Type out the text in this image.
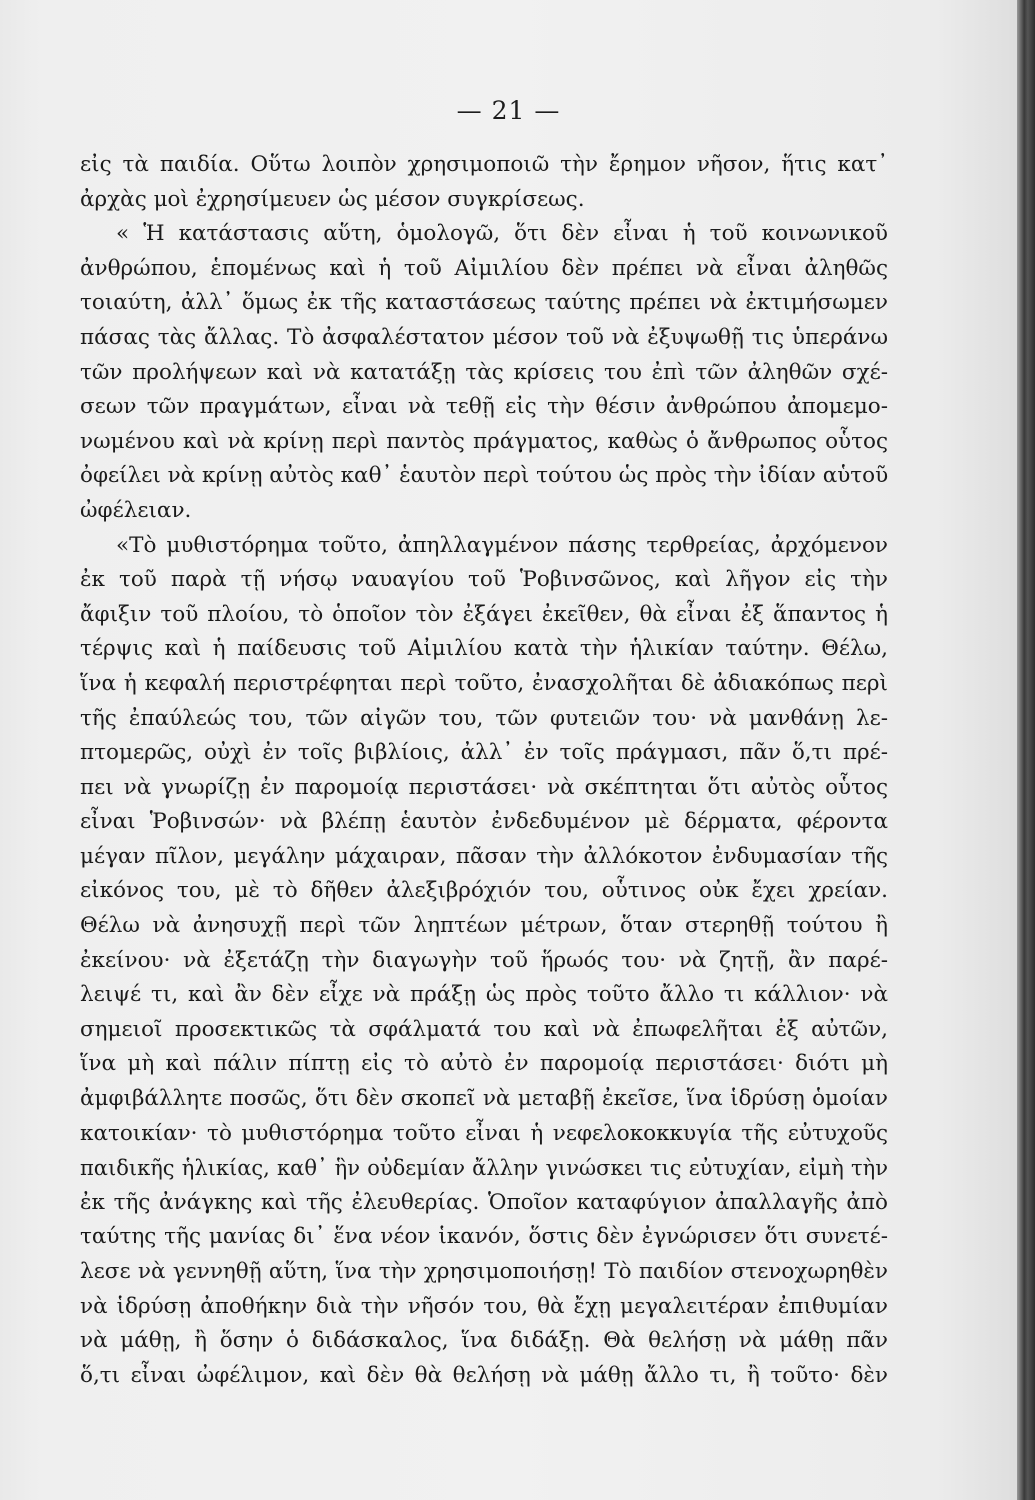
— 21 —
εἰς τὰ παιδία. Οὕτω λοιπὸν χρησιμοποιῶ τὴν ἔρημον νῆσον, ἥτις κατ᾽
ἀρχὰς μοὶ ἐχρησίμευεν ὡς μέσον συγκρίσεως.
« Ἡ κατάστασις αὕτη, ὁμολογῶ, ὅτι δὲν εἶναι ἡ τοῦ κοινωνικοῦ
ἀνθρώπου, ἑπομένως καὶ ἡ τοῦ Αἰμιλίου δὲν πρέπει νὰ εἶναι ἀληθῶς
τοιαύτη, ἀλλ᾽ ὅμως ἐκ τῆς καταστάσεως ταύτης πρέπει νὰ ἐκτιμήσωμεν
πάσας τὰς ἄλλας. Τὸ ἀσφαλέστατον μέσον τοῦ νὰ ἐξυψωθῇ τις ὑπεράνω
τῶν προλήψεων καὶ νὰ κατατάξῃ τὰς κρίσεις του ἐπὶ τῶν ἀληθῶν σχέ-
σεων τῶν πραγμάτων, εἶναι νὰ τεθῇ εἰς τὴν θέσιν ἀνθρώπου ἀπομεμο-
νωμένου καὶ νὰ κρίνῃ περὶ παντὸς πράγματος, καθὼς ὁ ἄνθρωπος οὗτος
ὀφείλει νὰ κρίνῃ αὐτὸς καθ᾽ ἑαυτὸν περὶ τούτου ὡς πρὸς τὴν ἰδίαν αὑτοῦ
ὠφέλειαν.
«Τὸ μυθιστόρημα τοῦτο, ἀπηλλαγμένον πάσης τερθρείας, ἀρχόμενον
ἐκ τοῦ παρὰ τῇ νήσῳ ναυαγίου τοῦ Ῥοβινσῶνος, καὶ λῆγον εἰς τὴν
ἄφιξιν τοῦ πλοίου, τὸ ὁποῖον τὸν ἐξάγει ἐκεῖθεν, θὰ εἶναι ἐξ ἅπαντος ἡ
τέρψις καὶ ἡ παίδευσις τοῦ Αἰμιλίου κατὰ τὴν ἡλικίαν ταύτην. Θέλω,
ἵνα ἡ κεφαλή περιστρέφηται περὶ τοῦτο, ἐνασχολῆται δὲ ἀδιακόπως περὶ
τῆς ἐπαύλεώς του, τῶν αἰγῶν του, τῶν φυτειῶν του· νὰ μανθάνῃ λε-
πτομερῶς, οὐχὶ ἐν τοῖς βιβλίοις, ἀλλ᾽ ἐν τοῖς πράγμασι, πᾶν ὅ,τι πρέ-
πει νὰ γνωρίζῃ ἐν παρομοίᾳ περιστάσει· νὰ σκέπτηται ὅτι αὐτὸς οὗτος
εἶναι Ῥοβινσών· νὰ βλέπῃ ἑαυτὸν ἐνδεδυμένον μὲ δέρματα, φέροντα
μέγαν πῖλον, μεγάλην μάχαιραν, πᾶσαν τὴν ἀλλόκοτον ἐνδυμασίαν τῆς
εἰκόνος του, μὲ τὸ δῆθεν ἀλεξιβρόχιόν του, οὗτινος οὐκ ἔχει χρείαν.
Θέλω νὰ ἀνησυχῇ περὶ τῶν ληπτέων μέτρων, ὅταν στερηθῇ τούτου ἢ
ἐκείνου· νὰ ἐξετάζῃ τὴν διαγωγὴν τοῦ ἥρωός του· νὰ ζητῇ, ἂν παρέ-
λειψέ τι, καὶ ἂν δὲν εἶχε νὰ πράξῃ ὡς πρὸς τοῦτο ἄλλο τι κάλλιον· νὰ
σημειοῖ προσεκτικῶς τὰ σφάλματά του καὶ νὰ ἐπωφελῆται ἐξ αὐτῶν,
ἵνα μὴ καὶ πάλιν πίπτῃ εἰς τὸ αὐτὸ ἐν παρομοίᾳ περιστάσει· διότι μὴ
ἀμφιβάλλητε ποσῶς, ὅτι δὲν σκοπεῖ νὰ μεταβῇ ἐκεῖσε, ἵνα ἱδρύσῃ ὁμοίαν
κατοικίαν· τὸ μυθιστόρημα τοῦτο εἶναι ἡ νεφελοκοκκυγία τῆς εὐτυχοῦς
παιδικῆς ἡλικίας, καθ᾽ ἣν οὐδεμίαν ἄλλην γινώσκει τις εὐτυχίαν, εἰμὴ τὴν
ἐκ τῆς ἀνάγκης καὶ τῆς ἐλευθερίας. Ὁποῖον καταφύγιον ἀπαλλαγῆς ἀπὸ
ταύτης τῆς μανίας δι᾽ ἕνα νέον ἱκανόν, ὅστις δὲν ἐγνώρισεν ὅτι συνετέ-
λεσε νὰ γεννηθῇ αὕτη, ἵνα τὴν χρησιμοποιήσῃ! Τὸ παιδίον στενοχωρηθὲν
νὰ ἱδρύσῃ ἀποθήκην διὰ τὴν νῆσόν του, θὰ ἔχῃ μεγαλειτέραν ἐπιθυμίαν
νὰ μάθῃ, ἢ ὅσην ὁ διδάσκαλος, ἵνα διδάξῃ. Θὰ θελήσῃ νὰ μάθῃ πᾶν
ὅ,τι εἶναι ὠφέλιμον, καὶ δὲν θὰ θελήσῃ νὰ μάθῃ ἄλλο τι, ἢ τοῦτο· δὲν
